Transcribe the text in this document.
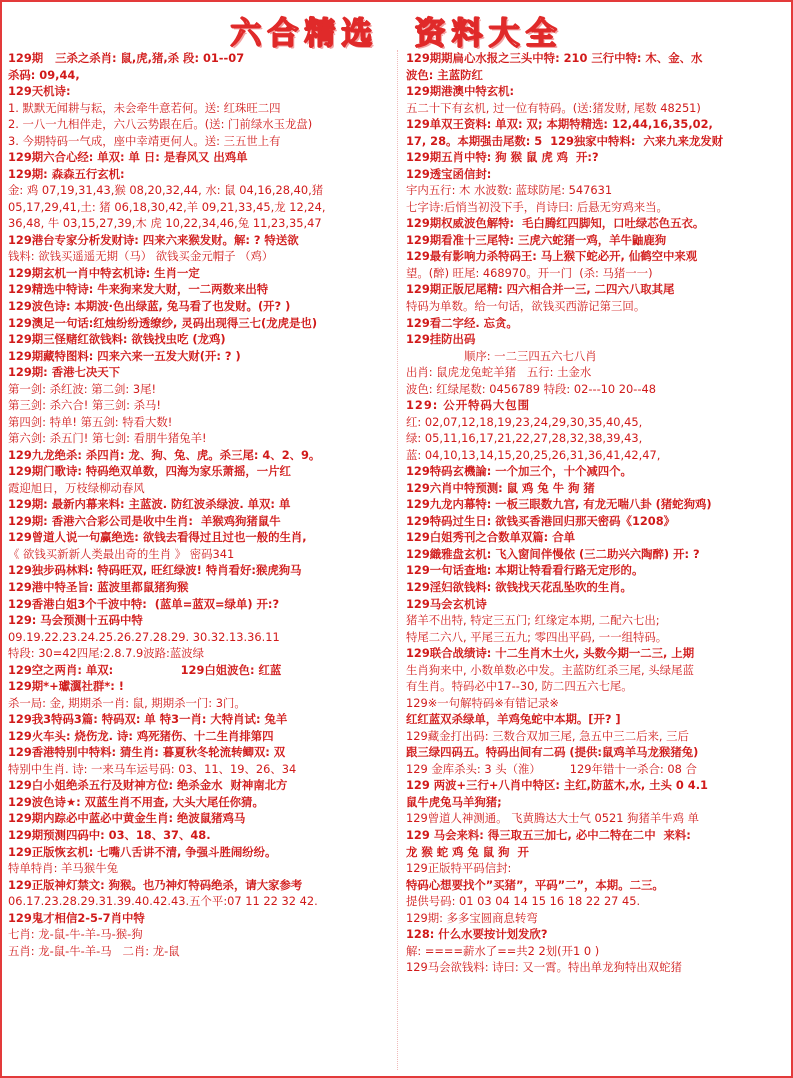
六合精选 资料大全

129期   三杀之杀肖: 鼠,虎,猪,杀 段: 01--07

杀码: 09,44,

129天机诗:

1. 默默无闻耕与耘，未会牵牛意若何。送: 红珠旺二四

2. 一八一九相伴走，六八云势跟在后。(送: 门前绿水玉龙盘)

3. 今期特码一气成，座中幸靖更何人。送: 三五世上有

129期六合心经: 单双: 单 日: 是春风又 出鸡单

129期: 森森五行玄机:

金: 鸡 07,19,31,43,猴 08,20,32,44, 水: 鼠 04,16,28,40,猪

05,17,29,41,土: 猪 06,18,30,42,羊 09,21,33,45,龙 12,24,

36,48, 牛 03,15,27,39,木 虎 10,22,34,46,兔 11,23,35,47

129港台专家分析发财诗: 四来六来猴发财。解: ? 特送欲

钱料: 欲钱买遥遥无期（马） 欲钱买金元帽子 （鸡）

129期玄机一肖中特玄机诗: 生肖一定

129精选中特诗: 牛来狗来发大财，一二两数来出特

129波色诗: 本期波·色出绿蓝, 兔马看了也发财。(开? )

129澳足一句话:红烛纷纷透缭纱, 灵码出现得三七(龙虎是也)

129期三怪赌红欲钱料: 欲钱找虫吃 (龙鸡)

129期藏特图料: 四来六来一五发大财(开: ? )

129期: 香港七决天下

第一剑: 杀红波: 第二剑: 3尾!

第三剑: 杀六合! 第三剑: 杀马!

第四剑: 特单! 第五剑: 特看大数!

第六剑: 杀五门! 第七剑: 看朋牛猪兔羊!

129九龙绝杀: 杀四肖: 龙、狗、兔、虎。杀三尾: 4、2、9。

129期门歌诗: 特码绝双单数，四海为家乐萧摇，一片红

霞迎旭日，万枝绿柳动春风

129期: 最新内幕来料: 主蓝波. 防红波杀绿波. 单双: 单

129期: 香港六合彩公司是收中生肖:  羊猴鸡狗猪鼠牛

129曾道人说一句赢绝选: 欲钱去看得过且过也一般的生肖,

《 欲钱买新新人类最出奇的生肖 》 密码341

129独步码林料: 特码旺双, 旺红绿波! 特肖看好:猴虎狗马

129港中特圣旨: 蓝波里都鼠猪狗猴

129香港白姐3个千波中特:  (蓝单=蓝双=绿单) 开:?

129: 马会预测十五码中特

09.19.22.23.24.25.26.27.28.29. 30.32.13.36.11

特段: 30=42四尾:2.8.7.9波路:蓝波绿

129空之两肖: 单双:                 129白姐波色: 红蓝

129期*+瓛瀷社群*: !

杀一局: 金, 期期杀一肖: 鼠, 期期杀一门: 3门。

129我3特码3篇: 特码双: 单 特3一肖: 大特肖试: 兔羊

129火车头: 烧伤龙. 诗: 鸡死猪伤、十二生肖排第四

129香港特别中特料: 猜生肖: 暮夏秋冬轮流转鲫双: 双

特别中生肖. 诗: 一来马车运号码: 03、11、19、26、34

129白小姐绝杀五行及财神方位: 绝杀金水  财神南北方

129波色诗★: 双蓝生肖不用查, 大头大尾任你猜。

129期内踪必中蓝必中黄金生肖: 绝波鼠猪鸡马

129期预测四码中: 03、18、37、48.

129正版恢玄机: 七嘴八舌讲不清, 争强斗胜闹纷纷。

特单特肖: 羊马猴牛兔

129正版神灯禁文: 狗猴。也乃神灯特码绝杀，请大家参考

06.17.23.28.29.31.39.40.42.43.五个平:07 11 22 32 42.

129鬼才相信2-5-7肖中特

七肖: 龙-鼠-牛-羊-马-猴-狗

五肖: 龙-鼠-牛-羊-马   二肖: 龙-鼠

129期期扁心水报之三头中特: 210 三行中特: 木、金、水

波色: 主蓝防红

129期港澳中特玄机:

五二十下有玄机, 过一位有特码。(送:猪发财, 尾数 48251)

129单双王资料: 单双: 双; 本期特精选: 12,44,16,35,02,

17, 28。本期强击尾数: 5  129独家中特料:  六来九来龙发财

129期五肖中特: 狗 猴 鼠 虎 鸡  开:?

129透宝函信封:

宇内五行: 木 水波数: 蓝球防尾: 547631

七字诗:后悄当初没下手，肖诗曰: 后悬无穷鸡来当。

129期权威波色解特:  毛白腾红四脚知，口吐绿芯色五衣。

129期看准十三尾特: 三虎六蛇猪一鸡，羊牛鼬鹿狗

129最有影响力杀特码王: 马上猴下蛇必开, 仙鹤空中来观

望。(醉) 旺尾: 468970。开一门  (杀: 马猪一一)

129期正版尼尾精: 四六相合并一三, 二四六八取其尾

特码为单数。给一句话，欲钱买西游记第三回。

129看二字经. 忘贪。

129挂防出码

顺序: 一二三四五六七八肖

出肖: 鼠虎龙兔蛇羊猪   五行: 土金水

波色: 红绿尾数: 0456789 特段: 02---10 20--48

129: 公开特码大包围

红: 02,07,12,18,19,23,24,29,30,35,40,45,

绿: 05,11,16,17,21,22,27,28,32,38,39,43,

蓝: 04,10,13,14,15,20,25,26,31,36,41,42,47,

129特码玄機論: 一个加三个，十个减四个。

129六肖中特预测: 鼠 鸡 兔 牛 狗 猪

129九龙内幕特: 一板三眼数九宫, 有龙无喘八卦 (猪蛇狗鸡)

129特码过生日: 欲钱买香港回归那天密码《1208》

129白姐秀刊之合数单双篇: 合单

129織雅盘玄机: 飞入窗间伴慢依 (三二助兴六陶醉) 开: ?

129一句话查地: 本期让特看看行路无定形的。

129淫妇欲钱料: 欲钱找天花乱坠吹的生肖。

129马会玄机诗

猪羊不出特, 特定三五门; 红缘定本期, 二配六七出;

特尾二六八, 平尾三五九; 零四出平码, 一一组特码。

129联合战绩诗: 十二生肖木土火, 头数今期一二三, 上期

生肖狗来中, 小数单数必中发。主蓝防红杀三尾, 头绿尾蓝

有生肖。特码必中17--30, 防二四五六七尾。

129※一句解特码※有错记录※

红红蓝双杀绿单，羊鸡兔蛇中本期。[开? ]

129藏金打出码: 三数合双加三尾, 急五中三二后来, 三后

跟三绿四码五。特码出间有二码 (提供:鼠鸡羊马龙猴猪兔)

129 金库杀头: 3 头（淮）        129年错十一杀合: 08 合

129 两波+三行+八肖中特区: 主红,防蓝木,水, 土头 0 4.1

鼠牛虎兔马羊狗猪;

129曾道人神测通。 飞黄腾达大士气 0521 狗猪羊牛鸡 单

129 马会来料: 得三取五三加七, 必中二特在二中  来料:

龙 猴 蛇 鸡 兔 鼠 狗  开

129正版特平码信封:

特码心想要找个”买猪”，平码”二”，本期。二三。

提供号码: 01 03 04 14 15 16 18 22 27 45.

129期: 多多宝圆商息转弯

128: 什么水要按计划发欣?

解: ====薪水了==共2 2划(开1 0 )

129马会欲钱料: 诗曰: 又一霄。特出单龙狗特出双蛇猪
